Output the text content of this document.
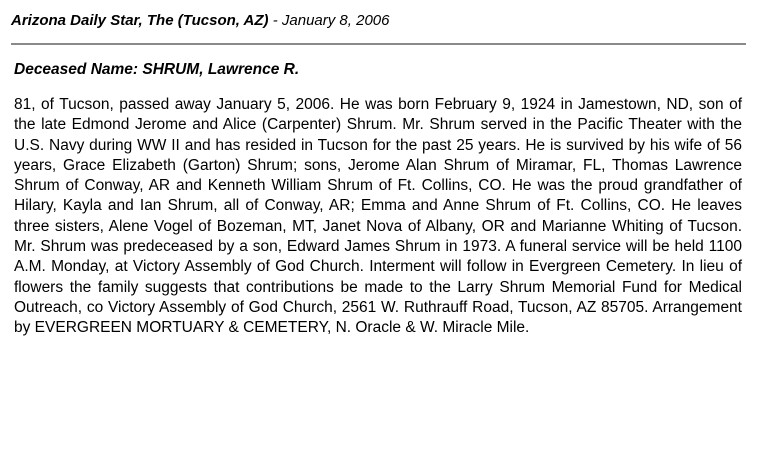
Arizona Daily Star, The (Tucson, AZ) - January 8, 2006
Deceased Name: SHRUM, Lawrence R.

81, of Tucson, passed away January 5, 2006. He was born February 9, 1924 in Jamestown, ND, son of the late Edmond Jerome and Alice (Carpenter) Shrum. Mr. Shrum served in the Pacific Theater with the U.S. Navy during WW II and has resided in Tucson for the past 25 years. He is survived by his wife of 56 years, Grace Elizabeth (Garton) Shrum; sons, Jerome Alan Shrum of Miramar, FL, Thomas Lawrence Shrum of Conway, AR and Kenneth William Shrum of Ft. Collins, CO. He was the proud grandfather of Hilary, Kayla and Ian Shrum, all of Conway, AR; Emma and Anne Shrum of Ft. Collins, CO. He leaves three sisters, Alene Vogel of Bozeman, MT, Janet Nova of Albany, OR and Marianne Whiting of Tucson. Mr. Shrum was predeceased by a son, Edward James Shrum in 1973. A funeral service will be held 1100 A.M. Monday, at Victory Assembly of God Church. Interment will follow in Evergreen Cemetery. In lieu of flowers the family suggests that contributions be made to the Larry Shrum Memorial Fund for Medical Outreach, co Victory Assembly of God Church, 2561 W. Ruthrauff Road, Tucson, AZ 85705. Arrangement by EVERGREEN MORTUARY & CEMETERY, N. Oracle & W. Miracle Mile.
